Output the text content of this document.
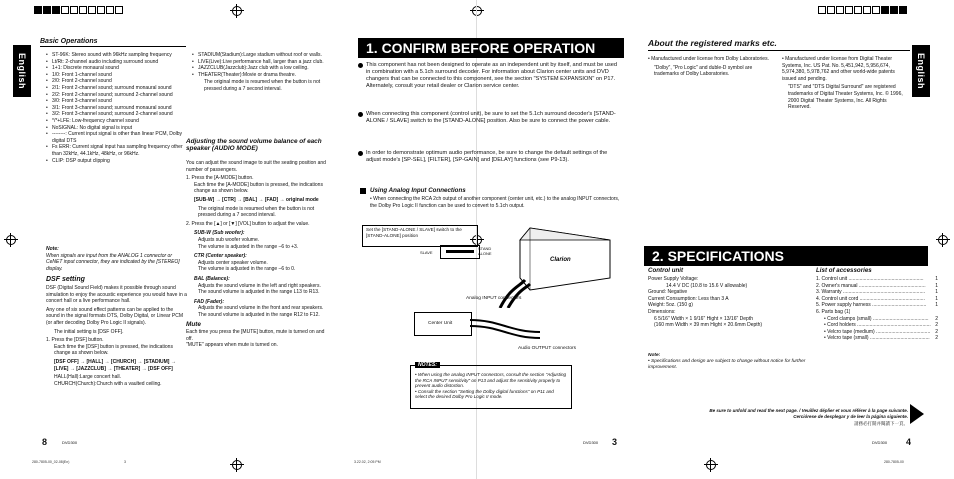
English
Basic Operations
• ST-96K: Stereo sound with 96kHz sampling frequency
• Lt/Rt: 2-channel audio including surround sound
• 1+1: Discrete monaural sound
• 1/0: Front 1-channel sound
• 2/0: Front 2-channel sound
• 2/1: Front 2-channel sound; surround monaural sound
• 2/2: Front 2-channel sound; surround 2-channel sound
• 3/0: Front 3-channel sound
• 3/1: Front 3-channel sound; surround monaural sound
• 3/2: Front 3-channel sound; surround 2-channel sound
• */*+LFE: Low-frequency channel sound
• NoSIGNAL: No digital signal is input
• --------: Current input signal is other than linear PCM, Dolby digital DTS
• Fs ERR: Current signal input has sampling frequency other than 32kHz, 44.1kHz, 48kHz, or 96kHz.
• CLIP: DSP output clipping
Note:
When signals are input from the ANALOG 1 connector or CeNET input connector, they are indicated by the [STEREO] display.
DSF setting
DSF (Digital Sound Field) makes it possible through sound simulation to enjoy the acoustic experience you would have in a concert hall or a live performance hall.
Any one of six sound effect patterns can be applied to the sound in the signal formats DTS, Dolby Digital, or Linear PCM (or after decoding Dolby Pro Logic II signals).
The initial setting is [DSF OFF].
1. Press the [DSF] button.
Each time the [DSF] button is pressed, the indications change as shown below.
[DSF OFF] → [HALL] → [CHURCH] → [STADIUM] → [LIVE] → [JAZZCLUB] → [THEATER] → [DSF OFF]
HALL(Hall):Large concert hall.
CHURCH(Church):Church with a vaulted ceiling.
• STADIUM(Stadium):Large stadium without roof or walls.
• LIVE(Live):Live performance hall, larger than a jazz club.
• JAZZCLUB(Jazzclub):Jazz club with a low ceiling.
• THEATER(Theater):Movie or drama theatre.
The original mode is resumed when the button is not pressed during a 7 second interval.
Adjusting the sound volume balance of each speaker (AUDIO MODE)
You can adjust the sound image to suit the seating position and number of passengers.
1. Press the [A-MODE] button.
Each time the [A-MODE] button is pressed, the indications change as shown below.
[SUB-W] → [CTR] → [BAL] → [FAD] → original mode
The original mode is resumed when the button is not pressed during a 7 second interval.
2. Press the [▲] or [▼] [VOL] button to adjust the value.
SUB-W (Sub woofer):
Adjusts sub woofer volume.
The volume is adjusted in the range –6 to +3.
CTR (Center speaker):
Adjusts center speaker volume.
The volume is adjusted in the range –6 to 0.
BAL (Balance):
Adjusts the sound volume in the left and right speakers.
The sound volume is adjusted in the range L13 to R13.
FAD (Fader):
Adjusts the sound volume in the front and rear speakers.
The sound volume is adjusted in the range R12 to F12.
Mute
Each time you press the [MUTE] button, mute is turned on and off.
"MUTE" appears when mute is turned on.
8	DVD300	3
DVD300
280-7805-00_02-08(En)	3	3.22.02, 2:05 PM
1. CONFIRM BEFORE OPERATION
This component has not been designed to operate as an independent unit by itself, and must be used in combination with a 5.1ch surround decoder. For information about Clarion center units and DVD changers that can be connected to this component, see the section "SYSTEM EXPANSION" on P17. Alternately, consult your retail dealer or Clarion service center.
When connecting this component (control unit), be sure to set the 5.1ch surround decoder's [STAND-ALONE / SLAVE] switch to the [STAND-ALONE] position. Also be sure to connect the power cable.
In order to demonstrate optimum audio performance, be sure to change the default settings of the adjust mode's [SP-SEL], [FILTER], [SP-GAIN] and [DELAY] functions (see P9-13).
Using Analog Input Connections
• When connecting the RCA 2ch output of another component (center unit, etc.) to the analog INPUT connectors, the Dolby Pro Logic II function can be used to convert to 5.1ch output.
Set the [STAND-ALONE / SLAVE] switch to the [STAND-ALONE] position
SLAVE
STAND ALONE
Clarion
Analog INPUT connectors
Center Unit
Audio OUTPUT connectors
NOTES:
• When using the analog INPUT connectors, consult the section "Adjusting the RCA INPUT sensitivity" on P13 and adjust the sensitivity properly to prevent audio distortion.
• Consult the section "Setting the Dolby digital functions" on P11 and select the desired Dolby Pro Logic II mode.
2. SPECIFICATIONS
Control unit
Power Supply Voltage:
14.4 V DC (10.8 to 15.6 V allowable)
Ground: Negative
Current Consumption: Less than 3 A
Weight: 5oz. (150 g)
Dimensions:
6 5/16" Width × 1 9/16" Hight × 13/16" Depth
(160 mm Width × 39 mm Hight × 20.6mm Depth)
Note:
• Specifications and design are subject to change without notice for further improvement.
English
About the registered marks etc.
• Manufactured under license from Dolby Laboratories.
"Dolby", "Pro Logic" and duble-D symbol are trademarks of Dolby Laboratories.
• Manufactured under license from Digital Theater Systems, Inc. US Pat. No. 5,451,942, 5,956,674, 5,974,380, 5,978,762 and other world-wide patents issued and pending.
"DTS" and "DTS Digital Surround" are registered trademarks of Digital Theater Systems, Inc. © 1996, 2000 Digital Theater Systems, Inc. All Rights Reserved.
List of accessories
1. Control unit ...................................................... 1
2. Owner's manual ................................................ 1
3. Warranty ........................................................... 1
4. Control unit cord ............................................... 1
5. Power supply harness ....................................... 1
6. Parts bag (1)
• Cord clamps (small) ........................................ 2
• Cord holders ..................................................... 2
• Velcro tape (medium) ....................................... 2
• Velcro tape (small) ........................................... 2
Be sure to unfold and read the next page. / Veuillez déplier et vous référer à la page suivante.
Cerciórese de desplegar y de leer la página siguiente.
請務必打開并閱讀下一頁。
4
DVD300
280-7805-00
